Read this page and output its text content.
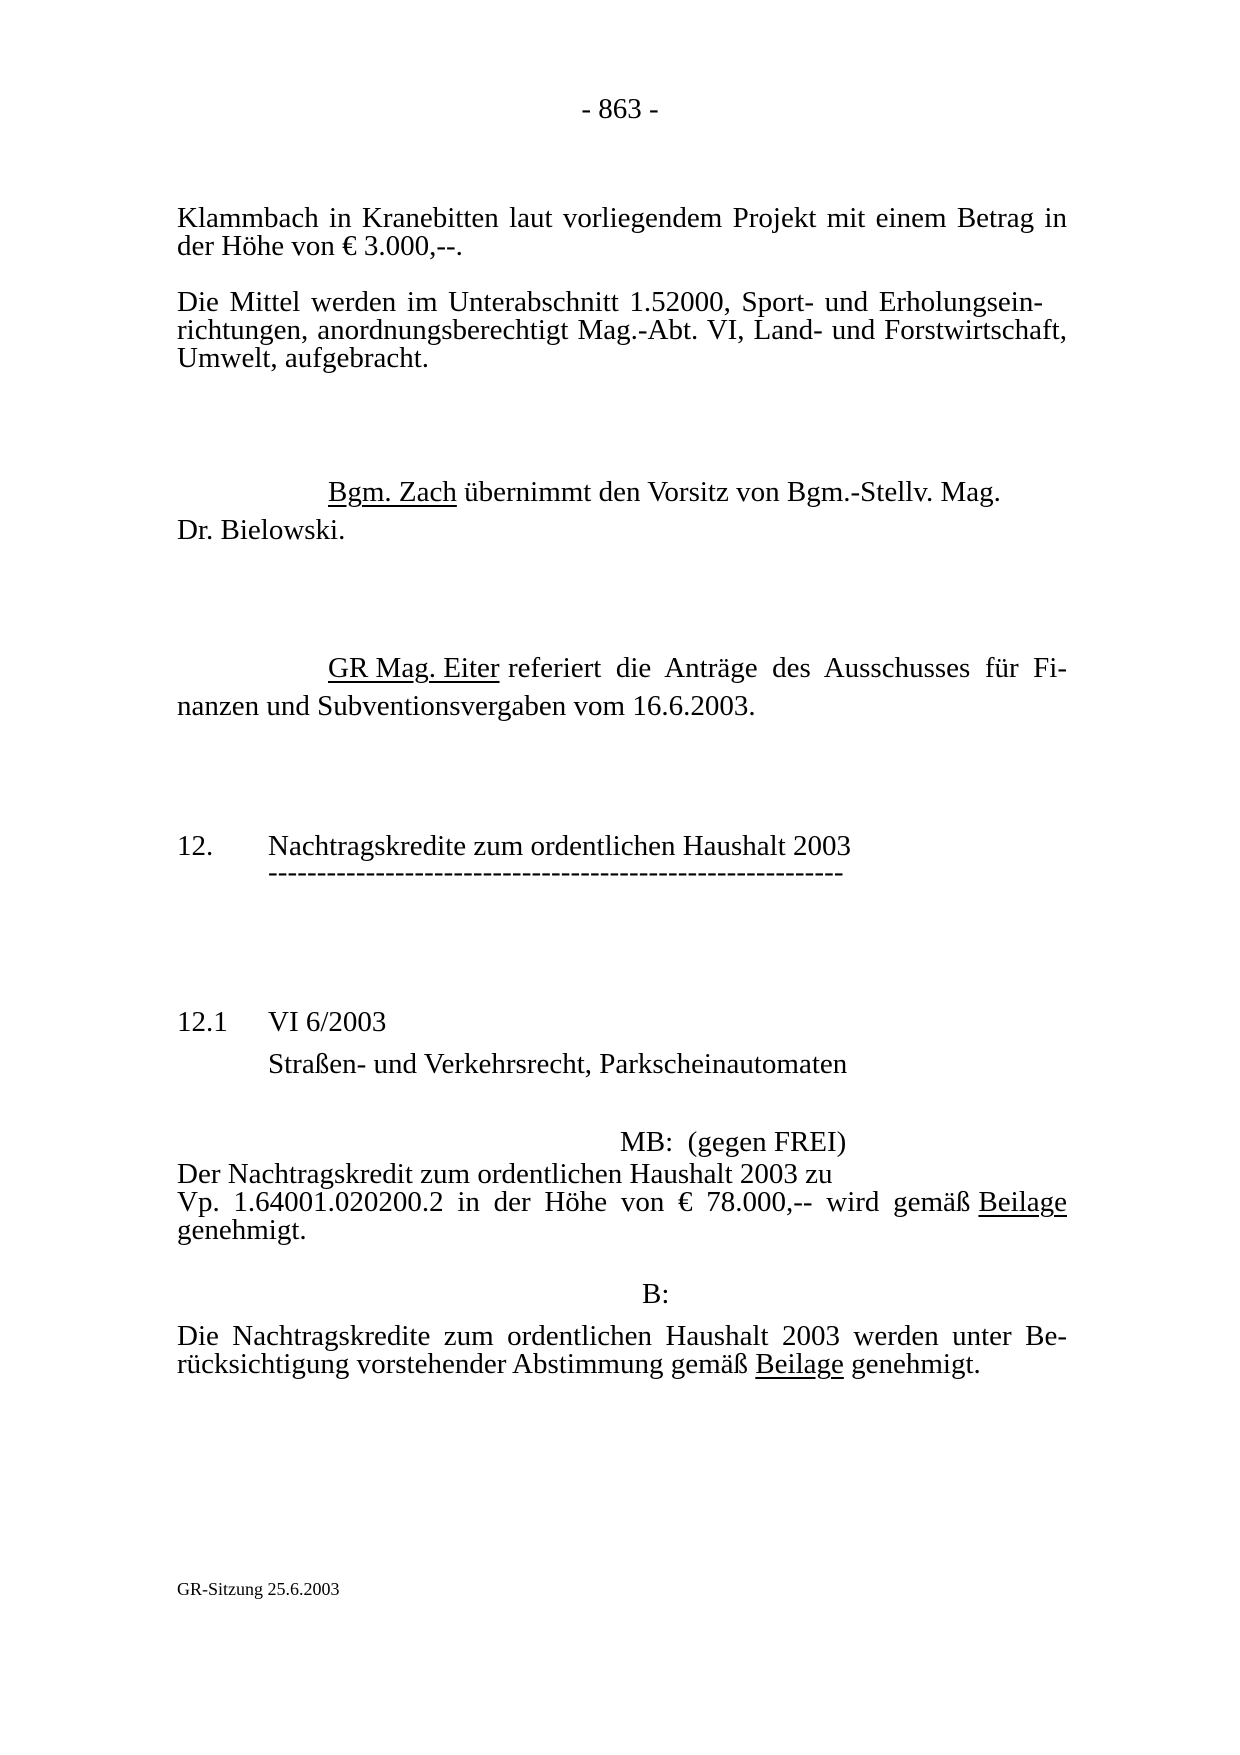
- 863 -
Klammbach in Kranebitten laut vorliegendem Projekt mit einem Betrag in
der Höhe von € 3.000,--.
Die Mittel werden im Unterabschnitt 1.52000, Sport- und Erholungsein-
richtungen, anordnungsberechtigt Mag.-Abt. VI, Land- und Forstwirtschaft,
Umwelt, aufgebracht.
Bgm. Zach übernimmt den Vorsitz von Bgm.-Stellv. Mag.
Dr. Bielowski.
GR Mag. Eiter referiert die Anträge des Ausschusses für Fi-
nanzen und Subventionsvergaben vom 16.6.2003.
12. Nachtragskredite zum ordentlichen Haushalt 2003
-----------------------------------------------------------
12.1 VI 6/2003
Straßen- und Verkehrsrecht, Parkscheinautomaten
MB:  (gegen FREI)
Der Nachtragskredit zum ordentlichen Haushalt 2003 zu
Vp. 1.64001.020200.2 in der Höhe von € 78.000,-- wird gemäß Beilage
genehmigt.
B:
Die Nachtragskredite zum ordentlichen Haushalt 2003 werden unter Be-
rücksichtigung vorstehender Abstimmung gemäß Beilage genehmigt.
GR-Sitzung 25.6.2003
